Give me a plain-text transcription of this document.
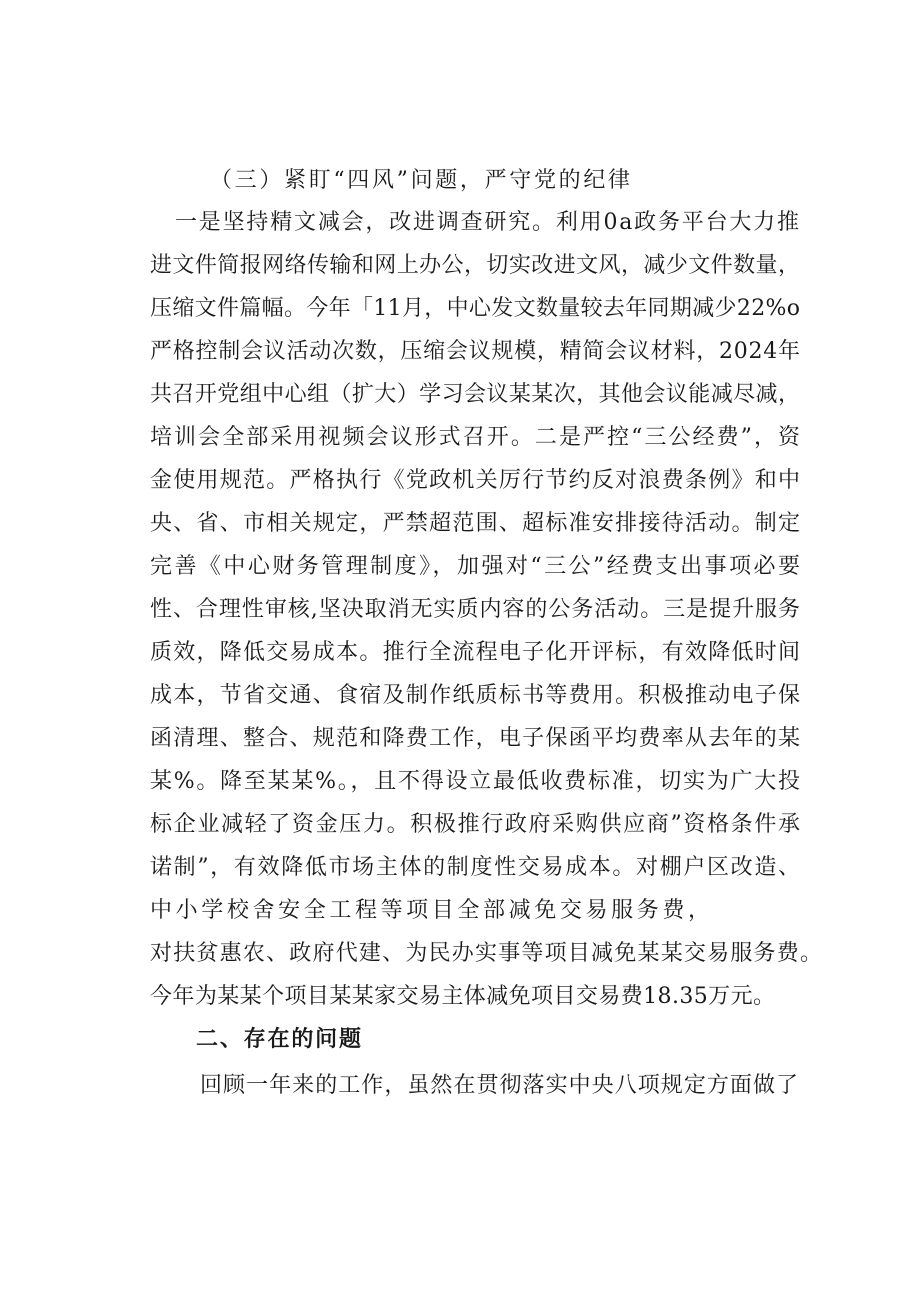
（三）紧盯“四风”问题，严守党的纪律
一是坚持精文减会，改进调查研究。利用0a政务平台大力推
进文件简报网络传输和网上办公，切实改进文风，减少文件数量，
压缩文件篇幅。今年「11月，中心发文数量较去年同期减少22%o
严格控制会议活动次数，压缩会议规模，精简会议材料，2024年
共召开党组中心组（扩大）学习会议某某次，其他会议能减尽减，
培训会全部采用视频会议形式召开。二是严控“三公经费”，资
金使用规范。严格执行《党政机关厉行节约反对浪费条例》和中
央、省、市相关规定，严禁超范围、超标准安排接待活动。制定
完善《中心财务管理制度》，加强对“三公”经费支出事项必要
性、合理性审核,坚决取消无实质内容的公务活动。三是提升服务
质效，降低交易成本。推行全流程电子化开评标，有效降低时间
成本，节省交通、食宿及制作纸质标书等费用。积极推动电子保
函清理、整合、规范和降费工作，电子保函平均费率从去年的某
某%。降至某某%。，且不得设立最低收费标准，切实为广大投
标企业减轻了资金压力。积极推行政府采购供应商”资格条件承
诺制”，有效降低市场主体的制度性交易成本。对棚户区改造、
中小学校舍安全工程等项目全部减免交易服务费，
对扶贫惠农、政府代建、为民办实事等项目减免某某交易服务费。
今年为某某个项目某某家交易主体减免项目交易费18.35万元。
二、存在的问题
回顾一年来的工作，虽然在贯彻落实中央八项规定方面做了
